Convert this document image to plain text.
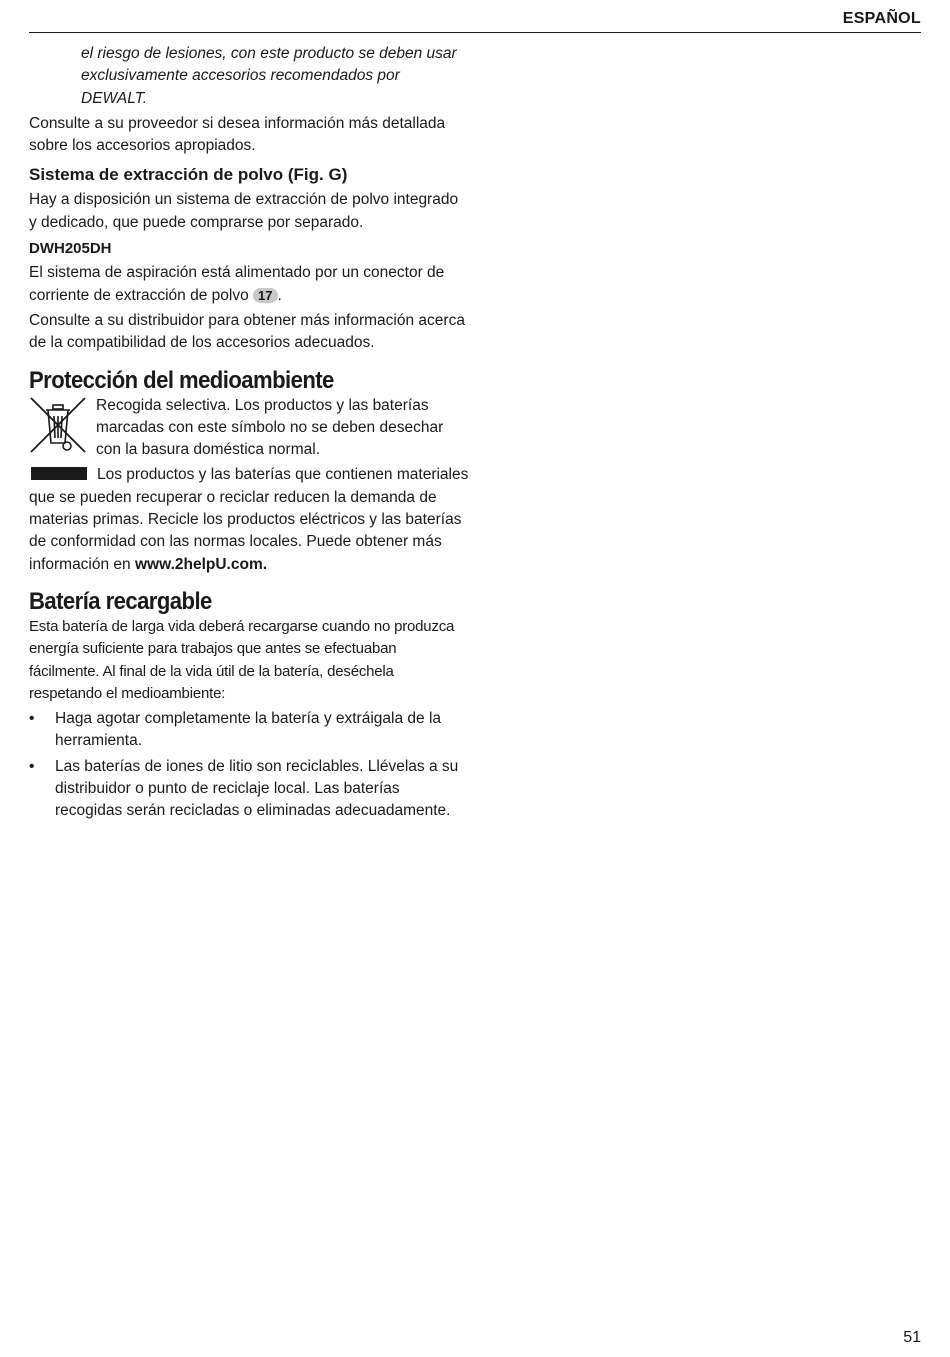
ESPAÑOL

el riesgo de lesiones, con este producto se deben usar exclusivamente accesorios recomendados por DEWALT.

Consulte a su proveedor si desea información más detallada sobre los accesorios apropiados.

Sistema de extracción de polvo (Fig. G)

Hay a disposición un sistema de extracción de polvo integrado y dedicado, que puede comprarse por separado.

DWH205DH

El sistema de aspiración está alimentado por un conector de corriente de extracción de polvo 17 .

Consulte a su distribuidor para obtener más información acerca de la compatibilidad de los accesorios adecuados.

Protección del medioambiente

Recogida selectiva. Los productos y las baterías marcadas con este símbolo no se deben desechar con la basura doméstica normal.

Los productos y las baterías que contienen materiales que se pueden recuperar o reciclar reducen la demanda de materias primas. Recicle los productos eléctricos y las baterías de conformidad con las normas locales. Puede obtener más información en www.2helpU.com.

Batería recargable

Esta batería de larga vida deberá recargarse cuando no produzca energía suficiente para trabajos que antes se efectuaban fácilmente. Al final de la vida útil de la batería, deséchela respetando el medioambiente:

• Haga agotar completamente la batería y extráigala de la herramienta.
• Las baterías de iones de litio son reciclables. Llévelas a su distribuidor o punto de reciclaje local. Las baterías recogidas serán recicladas o eliminadas adecuadamente.
51
